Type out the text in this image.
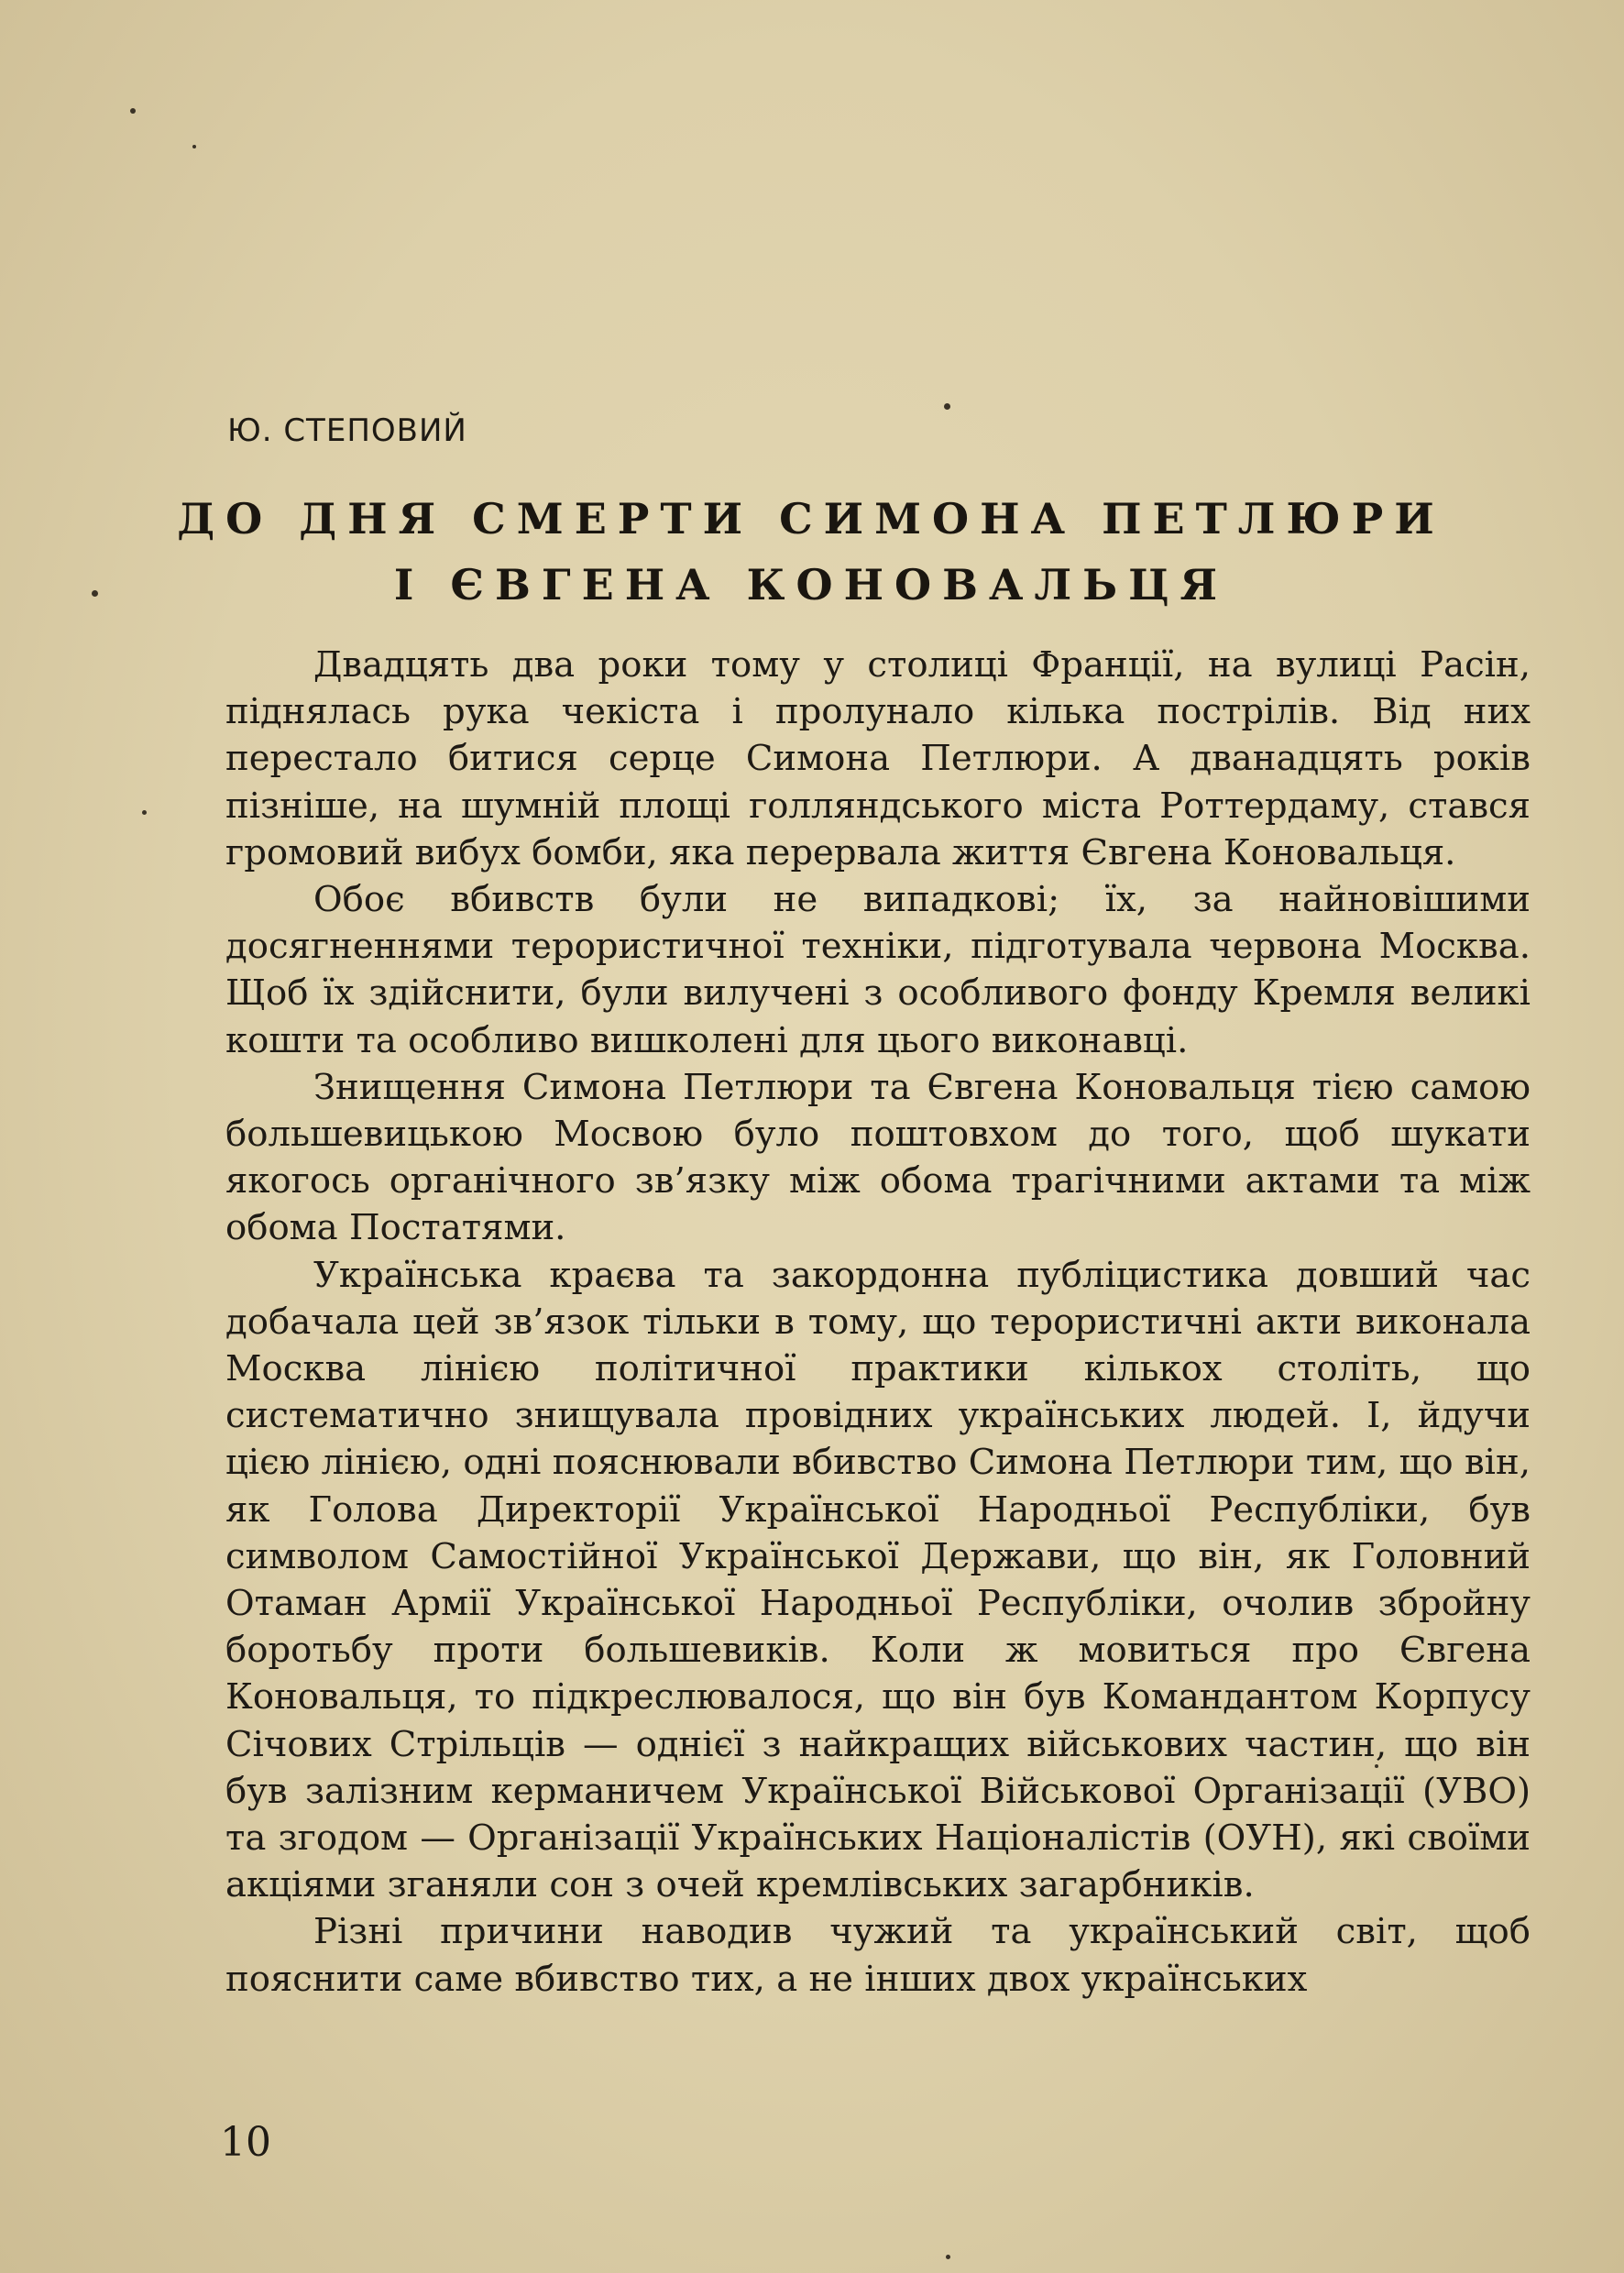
Ю. СТЕПОВИЙ

ДО ДНЯ СМЕРТИ СИМОНА ПЕТЛЮРИ
І ЄВГЕНА КОНОВАЛЬЦЯ

Двадцять два роки тому у столиці Франції, на вулиці Расін, піднялась рука чекіста і пролунало кілька пострілів. Від них перестало битися серце Симона Петлюри. А дванадцять років пізніше, на шумній площі голляндського міста Роттердаму, стався громовий вибух бомби, яка перервала життя Євгена Коновальця.

Обоє вбивств були не випадкові; їх, за найновішими досягненнями терористичної техніки, підготувала червона Москва. Щоб їх здійснити, були вилучені з особливого фонду Кремля великі кошти та особливо вишколені для цього виконавці.

Знищення Симона Петлюри та Євгена Коновальця тією самою большевицькою Мосвою було поштовхом до того, щоб шукати якогось органічного зв’язку між обома трагічними актами та між обома Постатями.

Українська краєва та закордонна публіцистика довший час добачала цей зв’язок тільки в тому, що терористичні акти виконала Москва лінією політичної практики кількох століть, що систематично знищувала провідних українських людей. І, йдучи цією лінією, одні пояснювали вбивство Симона Петлюри тим, що він, як Голова Директорії Української Народньої Республіки, був символом Самостійної Української Держави, що він, як Головний Отаман Армії Української Народньої Республіки, очолив збройну боротьбу проти большевиків. Коли ж мовиться про Євгена Коновальця, то підкреслювалося, що він був Командантом Корпусу Січових Стрільців — однієї з найкращих військових частин, що він був залізним керманичем Української Військової Організації (УВО) та згодом — Організації Українських Націоналістів (ОУН), які своїми акціями зганяли сон з очей кремлівських загарбників.

Різні причини наводив чужий та український світ, щоб пояснити саме вбивство тих, а не інших двох українських

10
